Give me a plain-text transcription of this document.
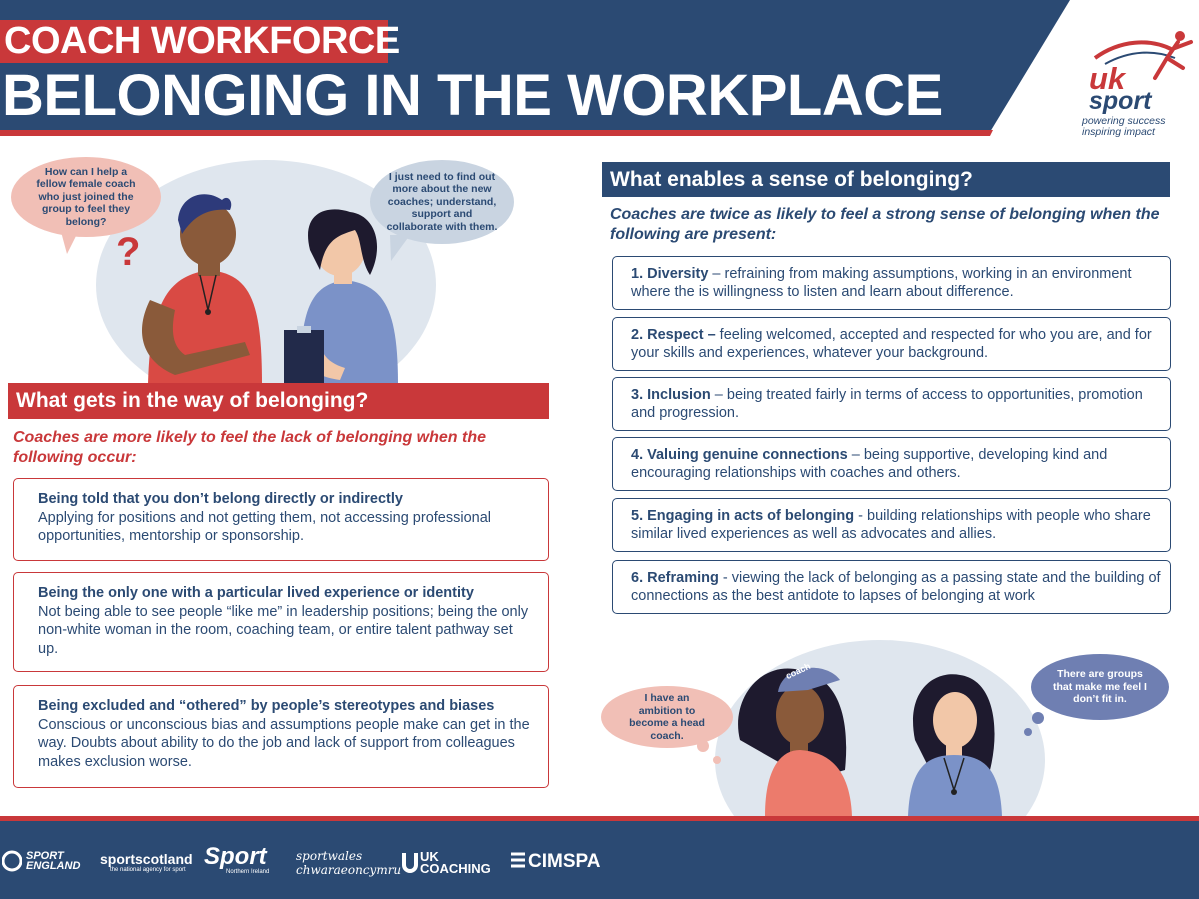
COACH WORKFORCE
BELONGING IN THE WORKPLACE	uk
sport
powering success
inspiring impact
How can I help a fellow female coach who just joined the group to feel they belong?
?
I just need to find out more about the new coaches; understand, support and collaborate with them.
What gets in the way of belonging?
Coaches are more likely to feel the lack of belonging when the following occur:
Being told that you don’t belong directly or indirectly
Applying for positions and not getting them, not accessing professional opportunities, mentorship or sponsorship.
Being the only one with a particular lived experience or identity
Not being able to see people “like me” in leadership positions; being the only non-white woman in the room, coaching team, or entire talent pathway set up.
Being excluded and “othered” by people’s stereotypes and biases
Conscious or unconscious bias and assumptions people make can get in the way. Doubts about ability to do the job and lack of support from colleagues makes exclusion worse.
What enables a sense of belonging?
Coaches are twice as likely to feel a strong sense of belonging when the following are present:
1. Diversity – refraining from making assumptions, working in an environment where the is willingness to listen and learn about difference.
2. Respect – feeling welcomed, accepted and respected for who you are, and for your skills and experiences, whatever your background.
3. Inclusion – being treated fairly in terms of access to opportunities, promotion and progression.
4. Valuing genuine connections – being supportive, developing kind and encouraging relationships with coaches and others.
5. Engaging in acts of belonging - building relationships with people who share similar lived experiences as well as advocates and allies.
6. Reframing - viewing the lack of belonging as a passing state and the building of connections as the best antidote to lapses of belonging at work
coach
I have an ambition to become a head coach.
There are groups that make me feel I don’t fit in.
SPORT
ENGLAND sportscotland
the national agency for sport Sport
Northern Ireland
sportwales
chwaraeoncymru
UK
COACHING CIMSPA
